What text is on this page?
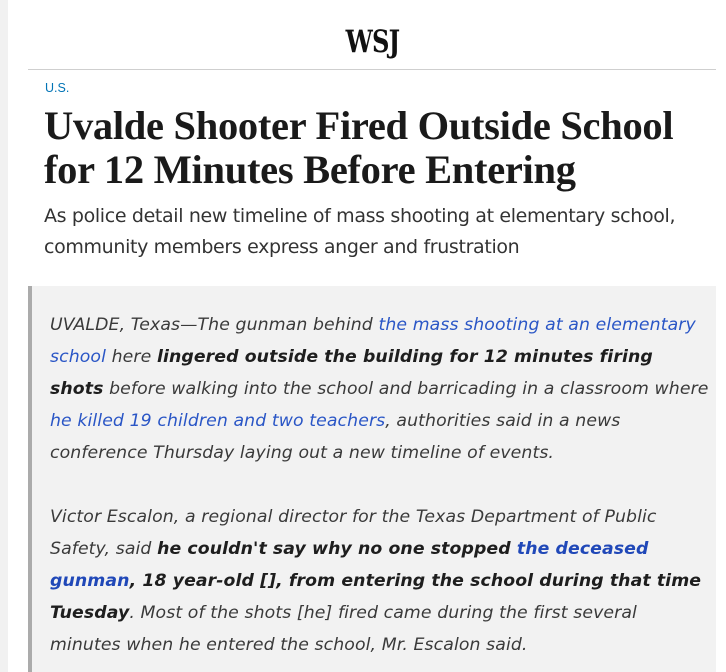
WSJ
U.S.
Uvalde Shooter Fired Outside School for 12 Minutes Before Entering

As police detail new timeline of mass shooting at elementary school, community members express anger and frustration

UVALDE, Texas—The gunman behind the mass shooting at an elementary school here lingered outside the building for 12 minutes firing shots before walking into the school and barricading in a classroom where he killed 19 children and two teachers, authorities said in a news conference Thursday laying out a new timeline of events.

Victor Escalon, a regional director for the Texas Department of Public Safety, said he couldn't say why no one stopped the deceased gunman, 18 year-old [], from entering the school during that time Tuesday. Most of the shots [he] fired came during the first several minutes when he entered the school, Mr. Escalon said.
